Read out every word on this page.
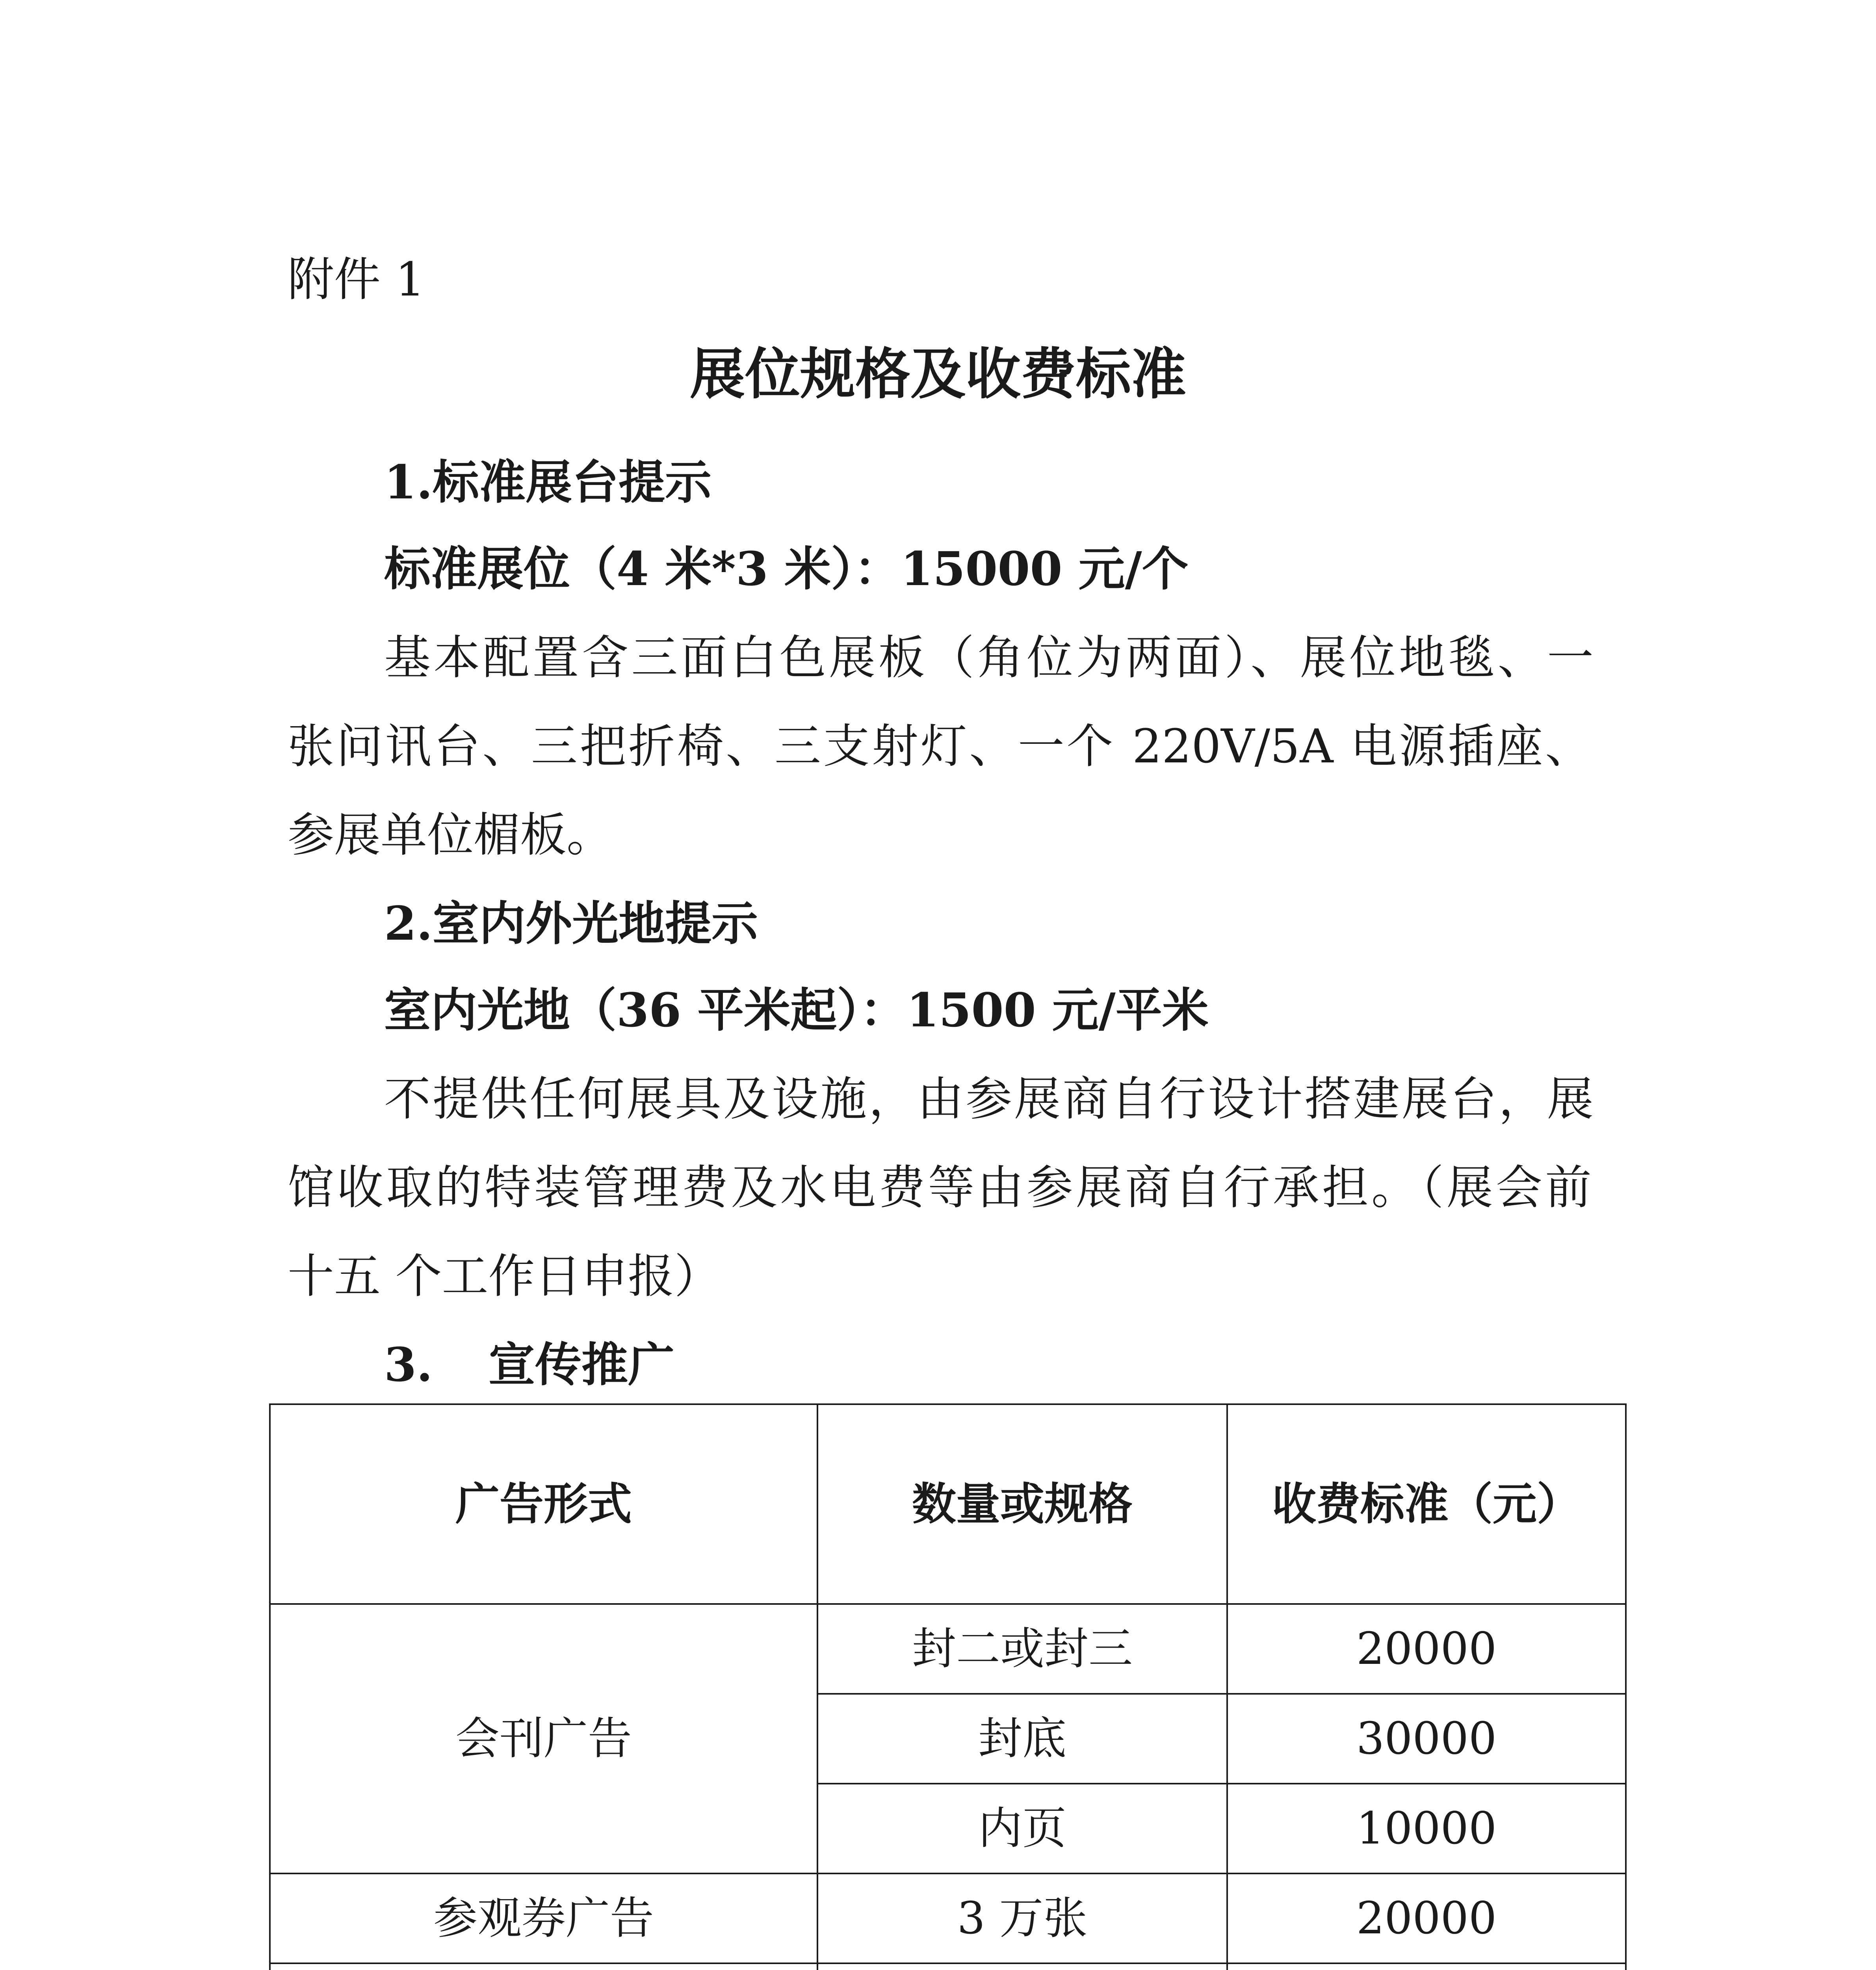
附件 1
展位规格及收费标准
1.标准展台提示
标准展位（4 米*3 米）：15000 元/个
基本配置含三面白色展板（角位为两面）、展位地毯、一
张问讯台、三把折椅、三支射灯、一个 220V/5A 电源插座、
参展单位楣板。
2.室内外光地提示
室内光地（36 平米起）：1500 元/平米
不提供任何展具及设施，由参展商自行设计搭建展台，展
馆收取的特装管理费及水电费等由参展商自行承担。（展会前
十五 个工作日申报）
3. 宣传推广
广告形式	数量或规格	收费标准（元）
会刊广告	封二或封三	20000
	封底	30000
	内页	10000
参观券广告	3 万张	20000
